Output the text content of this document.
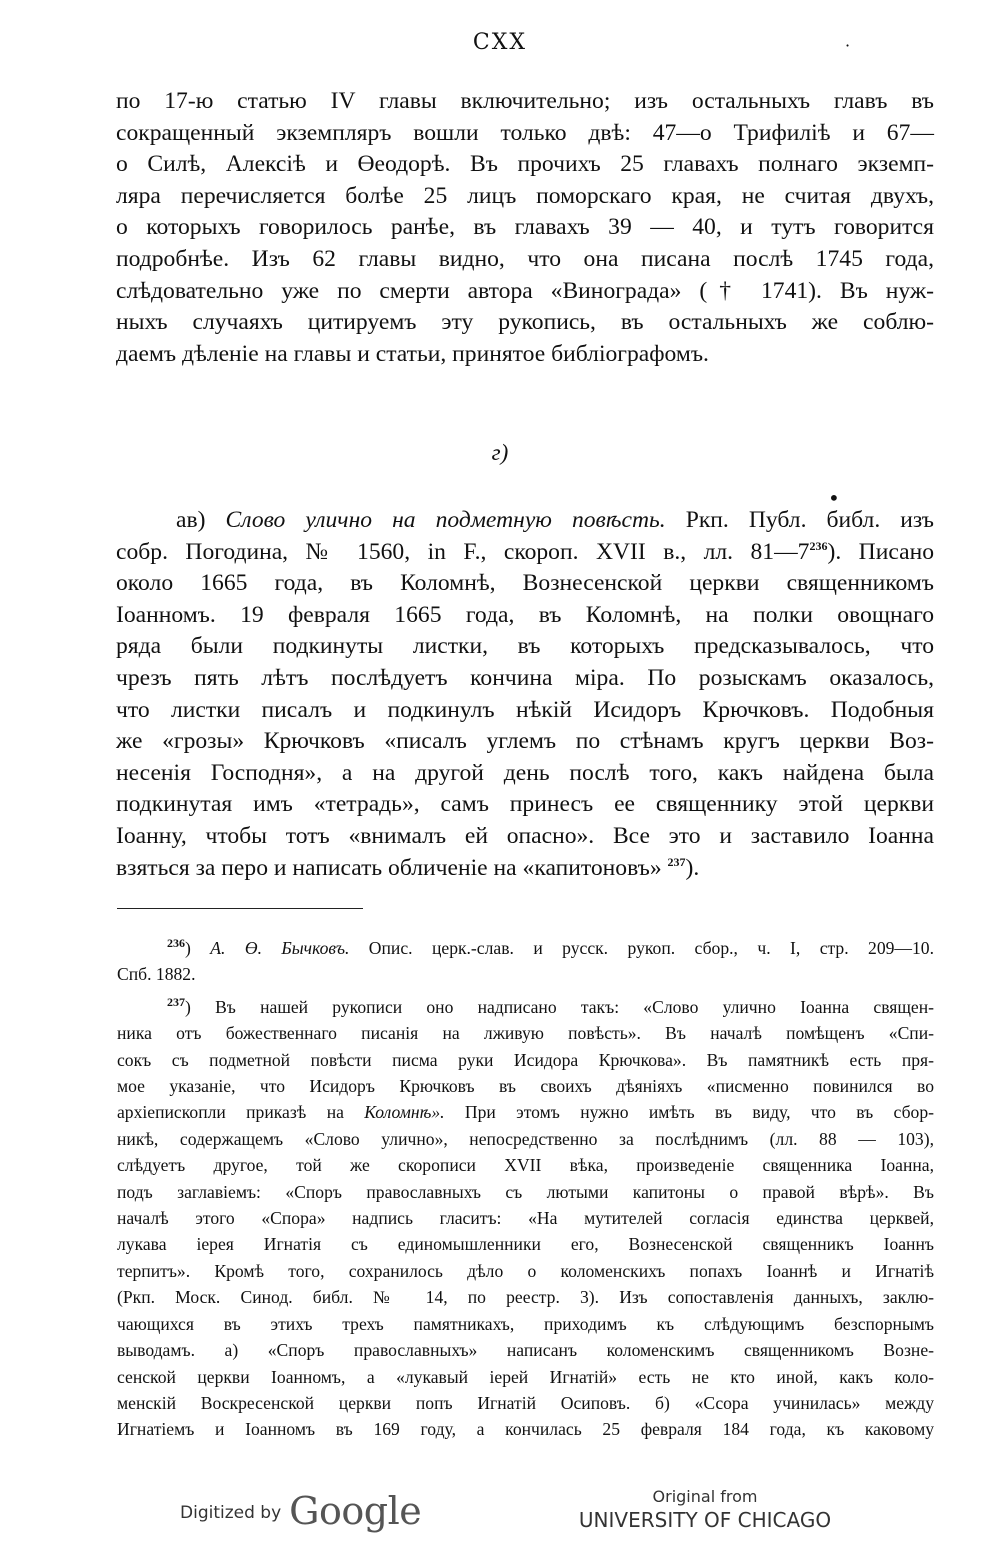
CXX	·
•
по 17-ю статью IV главы включительно; изъ остальныхъ главъ въ
сокращенный экземпляръ вошли только двѣ: 47—о Трифиліѣ и 67—
о Силѣ, Алексіѣ и Өеодорѣ. Въ прочихъ 25 главахъ полнаго экземп-
ляра перечисляется болѣе 25 лицъ поморскаго края, не считая двухъ,
о которыхъ говорилось ранѣе, въ главахъ 39 — 40, и тутъ говорится
подробнѣе. Изъ 62 главы видно, что она писана послѣ 1745 года,
слѣдовательно уже по смерти автора «Винограда» († 1741). Въ нуж-
ныхъ случаяхъ цитируемъ эту рукопись, въ остальныхъ же соблю-
даемъ дѣленіе на главы и статьи, принятое библіографомъ.
г)
ав) Слово улично на подметную повѣсть. Ркп. Публ. библ. изъ
собр. Погодина, № 1560, in F., скороп. XVII в., лл. $81—7^{236}$). Писано
около 1665 года, въ Коломнѣ, Вознесенской церкви священникомъ
Іоанномъ. 19 февраля 1665 года, въ Коломнѣ, на полки овощнаго
ряда были подкинуты листки, въ которыхъ предсказывалось, что
чрезъ пять лѣтъ послѣдуетъ кончина міра. По розыскамъ оказалось,
что листки писалъ и подкинулъ нѣкій Исидоръ Крючковъ. Подобныя
же «грозы» Крючковъ «писалъ углемъ по стѣнамъ кругъ церкви Воз-
несенія Господня», а на другой день послѣ того, какъ найдена была
подкинутая имъ «тетрадь», самъ принесъ ее священнику этой церкви
Іоанну, чтобы тотъ «внималъ ей опасно». Все это и заставило Іоанна
взяться за перо и написать обличеніе на «капитоновъ» $^{237}$).
$^{236}$) А. Ө. Бычковъ. Опис. церк.-слав. и русск. рукоп. сбор., ч. I, стр. 209—10.
Спб. 1882.
$^{237}$) Въ нашей рукописи оно надписано такъ: «Слово улично Іоанна священ-
ника отъ божественнаго писанія на лживую повѣсть». Въ началѣ помѣщенъ «Спи-
сокъ съ подметной повѣсти писма руки Исидора Крючкова». Въ памятникѣ есть пря-
мое указаніе, что Исидоръ Крючковъ въ своихъ дѣяніяхъ «писменно повинился во
архіепископли приказѣ на Коломнѣ». При этомъ нужно имѣть въ виду, что въ сбор-
никѣ, содержащемъ «Слово улично», непосредственно за послѣднимъ (лл. 88 — 103),
слѣдуетъ другое, той же скорописи XVII вѣка, произведеніе священника Іоанна,
подъ заглавіемъ: «Споръ православныхъ съ лютыми капитоны о правой вѣрѣ». Въ
началѣ этого «Спора» надпись гласитъ: «На мутителей согласія единства церквей,
лукава іерея Игнатія съ единомышленники его, Вознесенской священникъ Іоаннъ
терпитъ». Кромѣ того, сохранилось дѣло о коломенскихъ попахъ Іоаннѣ и Игнатіѣ
(Ркп. Моск. Синод. библ. № 14, по реестр. 3). Изъ сопоставленія данныхъ, заклю-
чающихся въ этихъ трехъ памятникахъ, приходимъ къ слѣдующимъ безспорнымъ
выводамъ. а) «Споръ православныхъ» написанъ коломенскимъ священникомъ Возне-
сенской церкви Іоанномъ, а «лукавый іерей Игнатій» есть не кто иной, какъ коло-
менскій Воскресенской церкви попъ Игнатій Осиповъ. б) «Ссора учинилась» между
Игнатіемъ и Іоанномъ въ 169 году, а кончилась 25 февраля 184 года, къ каковому
Digitized by Google	Original from
UNIVERSITY OF CHICAGO
